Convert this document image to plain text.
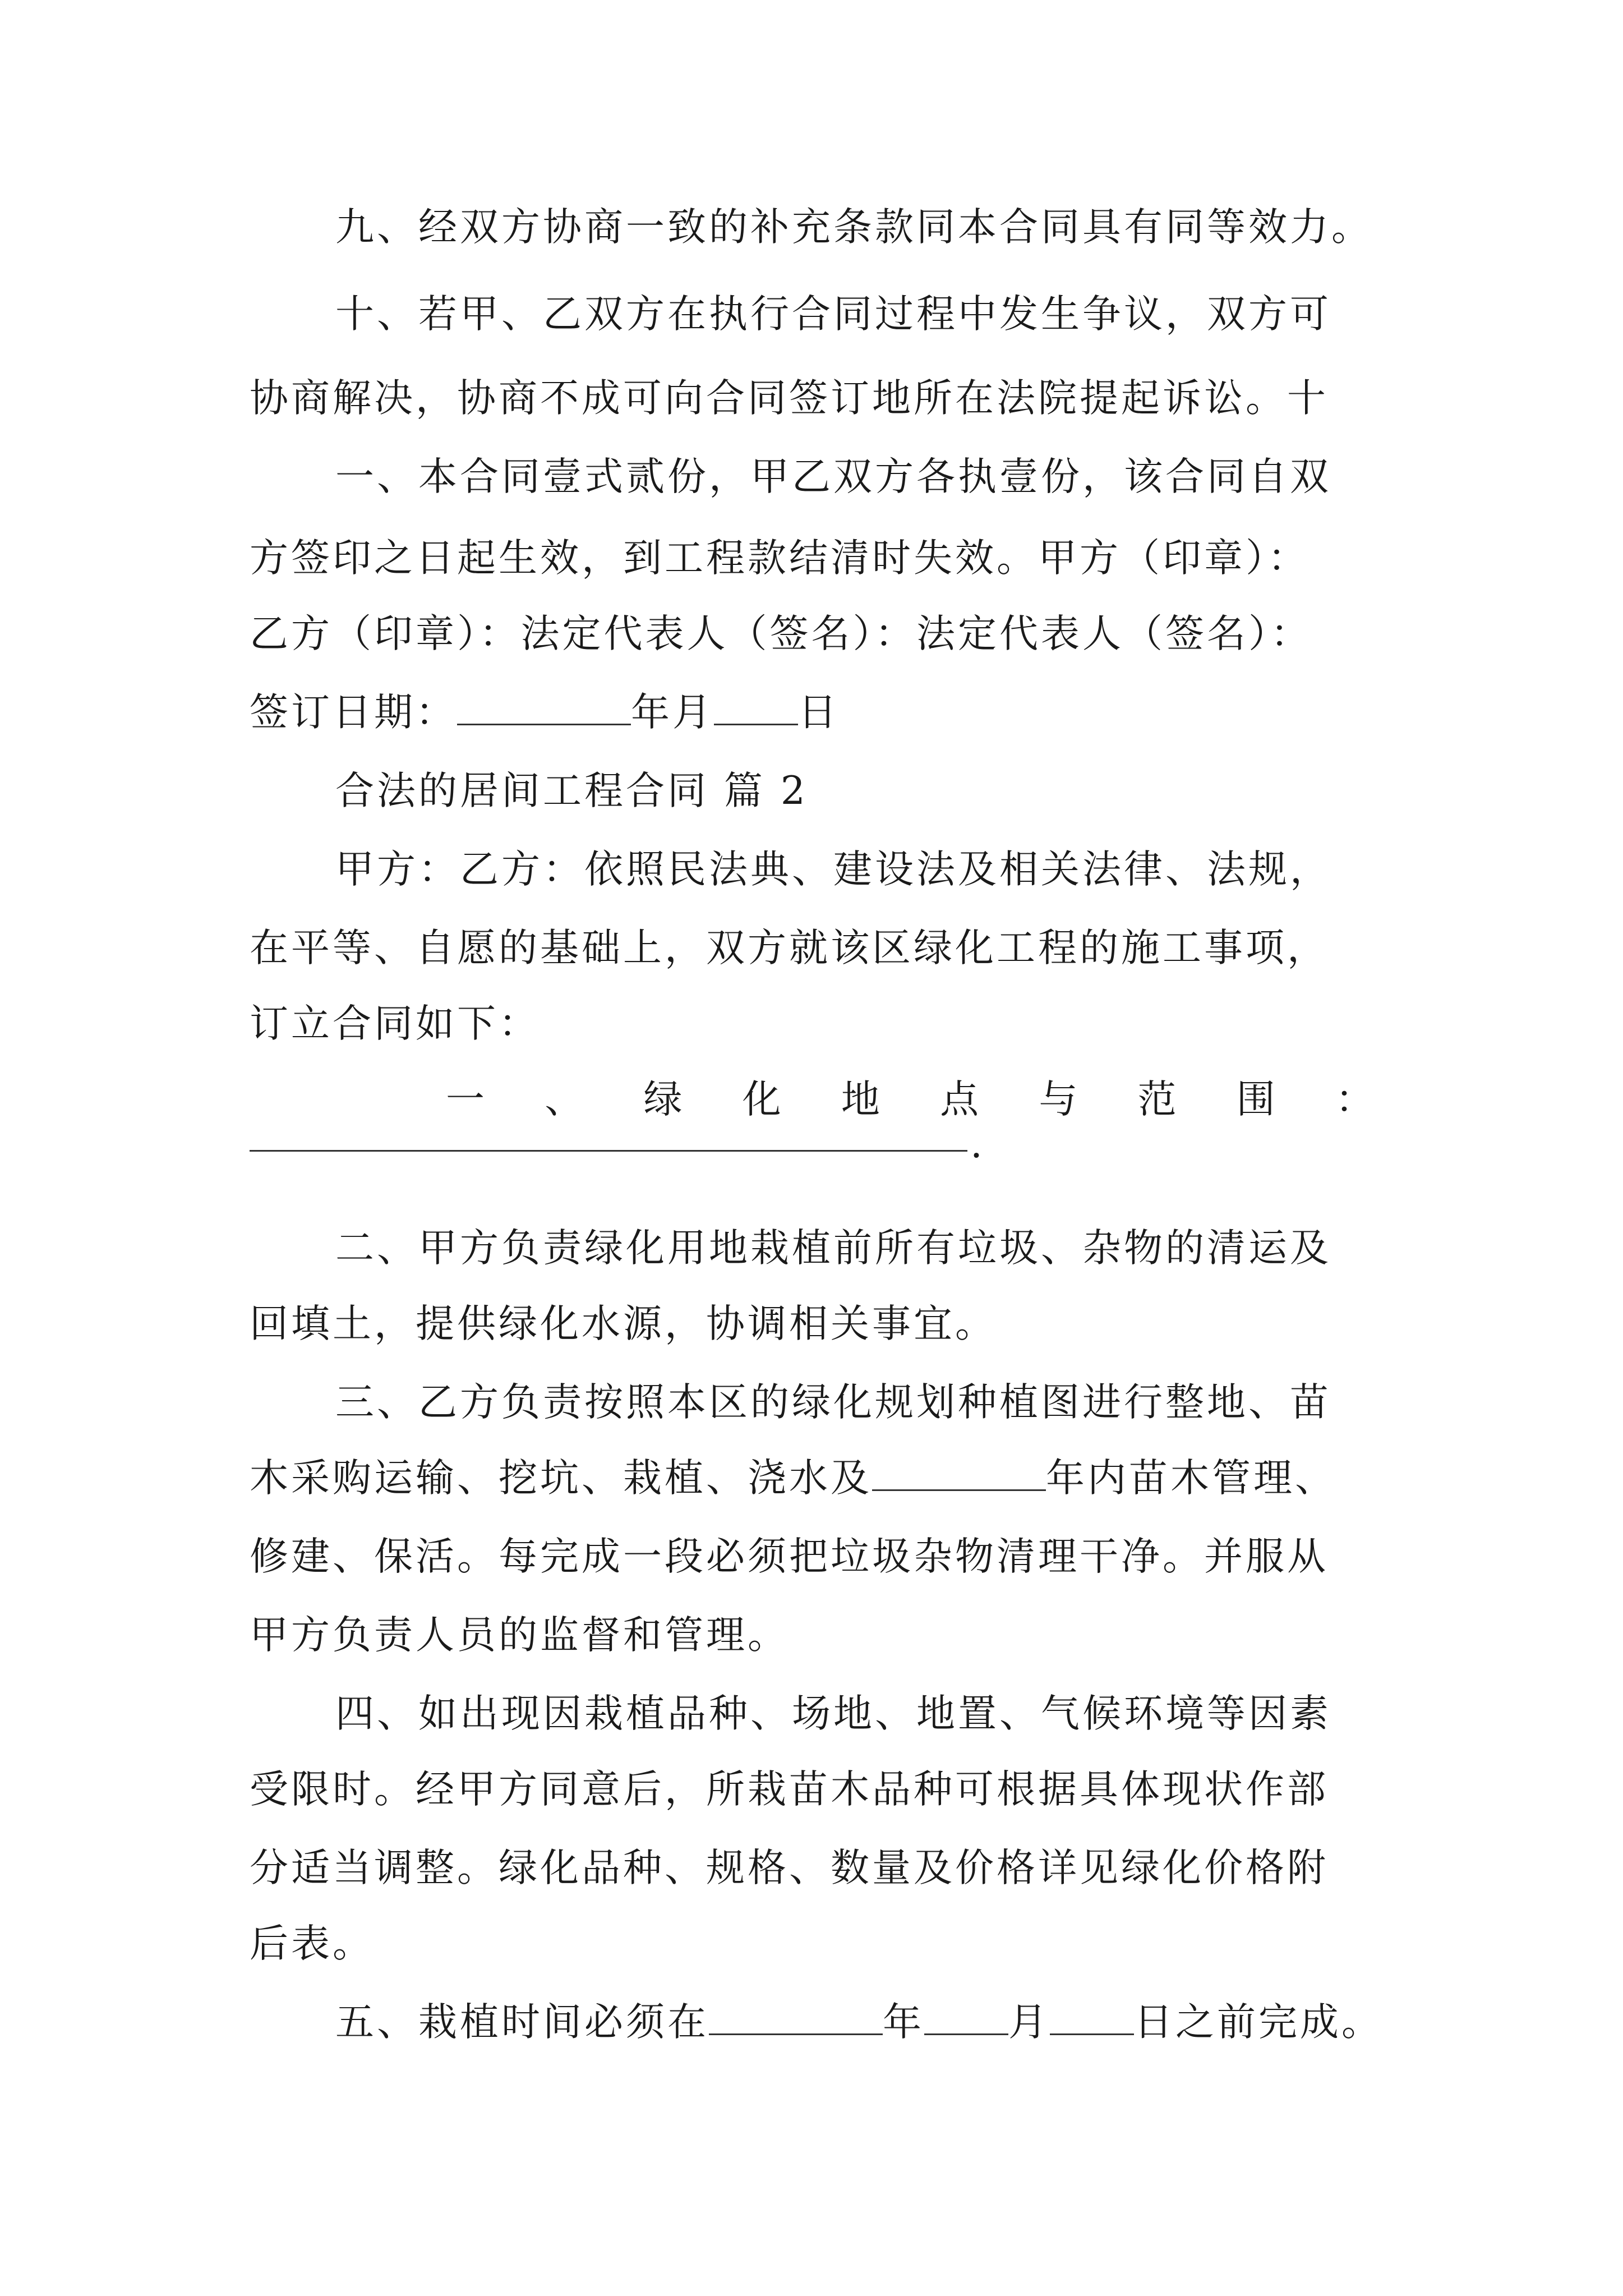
九、经双方协商一致的补充条款同本合同具有同等效力。
十、若甲、乙双方在执行合同过程中发生争议，双方可
协商解决，协商不成可向合同签订地所在法院提起诉讼。十
一、本合同壹式贰份，甲乙双方各执壹份，该合同自双
方签印之日起生效，到工程款结清时失效。甲方（印章）：
乙方（印章）：法定代表人（签名）：法定代表人（签名）：
签订日期：	年月 日
合法的居间工程合同 篇 2
甲方：乙方：依照民法典、建设法及相关法律、法规，
在平等、自愿的基础上，双方就该区绿化工程的施工事项，
订立合同如下：
一 、 绿 化 地 点 与 范 围 ：
.
二、甲方负责绿化用地栽植前所有垃圾、杂物的清运及
回填土，提供绿化水源，协调相关事宜。
三、乙方负责按照本区的绿化规划种植图进行整地、苗
木采购运输、挖坑、栽植、浇水及	年内苗木管理、
修建、保活。每完成一段必须把垃圾杂物清理干净。并服从
甲方负责人员的监督和管理。
四、如出现因栽植品种、场地、地置、气候环境等因素
受限时。经甲方同意后，所栽苗木品种可根据具体现状作部
分适当调整。绿化品种、规格、数量及价格详见绿化价格附
后表。
五、栽植时间必须在	年 月 日之前完成。
